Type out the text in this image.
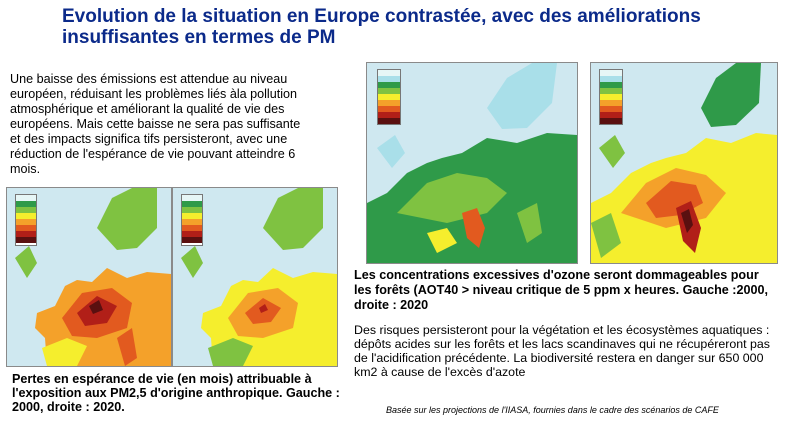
Evolution de la situation en Europe contrastée, avec des améliorations insuffisantes en termes de PM
Une baisse des émissions est attendue au niveau européen, réduisant les problèmes liés àla pollution atmosphérique et améliorant la qualité de vie des européens. Mais cette baisse ne sera pas suffisante et des impacts significa tifs persisteront, avec une réduction de l'espérance de vie pouvant atteindre 6 mois.
Les concentrations excessives d'ozone seront dommageables pour les forêts (AOT40 > niveau critique de 5 ppm x heures. Gauche :2000, droite : 2020
Des risques persisteront pour la végétation et les écosystèmes aquatiques : dépôts acides sur les forêts et les lacs scandinaves qui ne récupéreront pas de l'acidification précédente. La biodiversité restera en danger sur 650 000 km2 à cause de l'excès d'azote
Pertes en espérance de vie (en mois) attribuable à l'exposition aux PM2,5 d'origine anthropique. Gauche : 2000, droite : 2020.	Basée sur les projections de l'IIASA, fournies dans le cadre des scénarios de CAFE
